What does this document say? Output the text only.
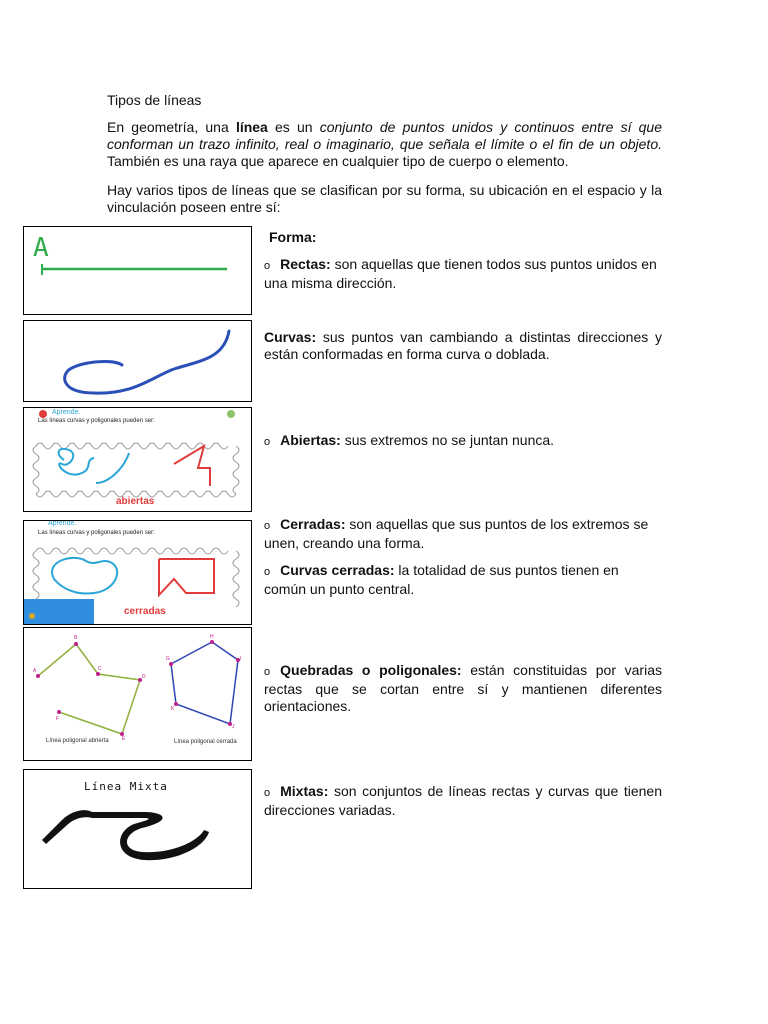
Tipos de líneas
En geometría, una línea es un conjunto de puntos unidos y continuos entre sí que conforman un trazo infinito, real o imaginario, que señala el límite o el fin de un objeto. También es una raya que aparece en cualquier tipo de cuerpo o elemento.
Hay varios tipos de líneas que se clasifican por su forma, su ubicación en el espacio y la vinculación poseen entre sí:
Forma:
o Rectas: son aquellas que tienen todos sus puntos unidos en una misma dirección.
Curvas: sus puntos van cambiando a distintas direcciones y están conformadas en forma curva o doblada.
o Abiertas: sus extremos no se juntan nunca.
o Cerradas: son aquellas que sus puntos de los extremos se unen, creando una forma.
o Curvas cerradas: la totalidad de sus puntos tienen en común un punto central.
o Quebradas o poligonales: están constituidas por varias rectas que se cortan entre sí y mantienen diferentes orientaciones.
o Mixtas: son conjuntos de líneas rectas y curvas que tienen direcciones variadas.
A
Aprende.
Las líneas curvas y poligonales pueden ser:
abiertas
Aprende.
Las líneas curvas y poligonales pueden ser:
cerradas
A
B
C
D
E
F
G
H
I
J
K
Línea poligonal abrierta	Línea poligonal cerrada
Línea Mixta
